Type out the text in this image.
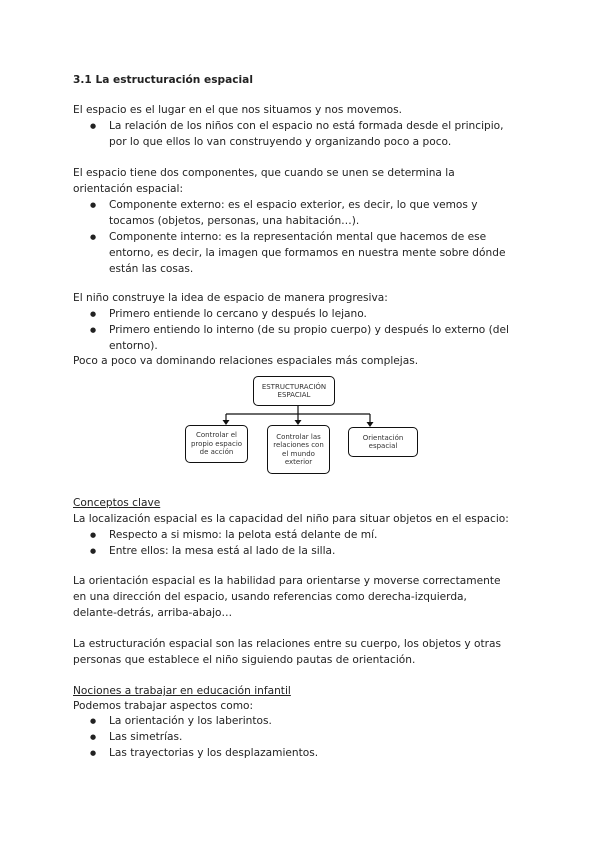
3.1 La estructuración espacial
El espacio es el lugar en el que nos situamos y nos movemos.
● La relación de los niños con el espacio no está formada desde el principio,
por lo que ellos lo van construyendo y organizando poco a poco.
El espacio tiene dos componentes, que cuando se unen se determina la
orientación espacial:
● Componente externo: es el espacio exterior, es decir, lo que vemos y
tocamos (objetos, personas, una habitación…).
● Componente interno: es la representación mental que hacemos de ese
entorno, es decir, la imagen que formamos en nuestra mente sobre dónde
están las cosas.
El niño construye la idea de espacio de manera progresiva:
● Primero entiende lo cercano y después lo lejano.
● Primero entiendo lo interno (de su propio cuerpo) y después lo externo (del
entorno).
Poco a poco va dominando relaciones espaciales más complejas.
ESTRUCTURACIÓN
ESPACIAL
Controlar el
propio espacio
de acción
Controlar las
relaciones con
el mundo
exterior
Orientación
espacial
Conceptos clave
La localización espacial es la capacidad del niño para situar objetos en el espacio:
● Respecto a si mismo: la pelota está delante de mí.
● Entre ellos: la mesa está al lado de la silla.
La orientación espacial es la habilidad para orientarse y moverse correctamente
en una dirección del espacio, usando referencias como derecha-izquierda,
delante-detrás, arriba-abajo…
La estructuración espacial son las relaciones entre su cuerpo, los objetos y otras
personas que establece el niño siguiendo pautas de orientación.
Nociones a trabajar en educación infantil
Podemos trabajar aspectos como:
● La orientación y los laberintos.
● Las simetrías.
● Las trayectorias y los desplazamientos.
